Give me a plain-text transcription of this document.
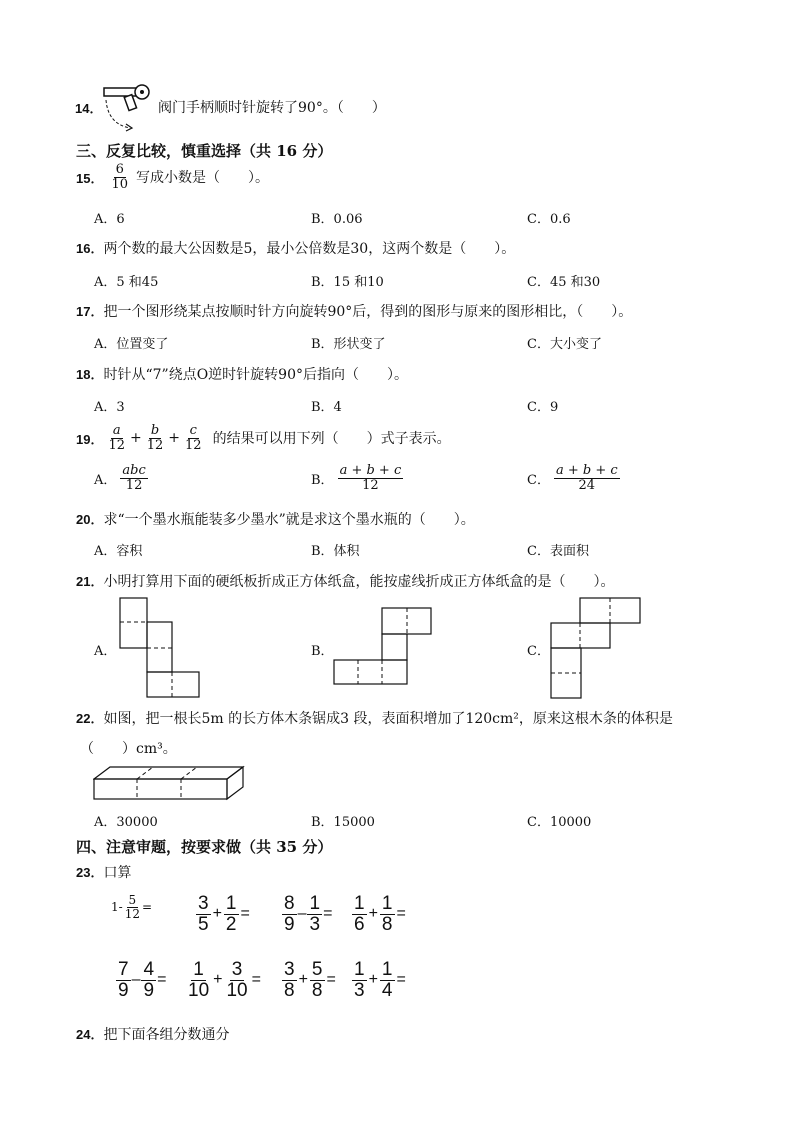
14．	阀门手柄顺时针旋转了90°。（　　）
三、反复比较，慎重选择（共 16 分）
15． $\frac{6}{10}$ 写成小数是（　　）。
A．6	B．0.06	C．0.6
16．两个数的最大公因数是5，最小公倍数是30，这两个数是（　　）。
A．5 和45	B．15 和10	C．45 和30
17．把一个图形绕某点按顺时针方向旋转90°后，得到的图形与原来的图形相比，（　　）。
A．位置变了	B．形状变了	C．大小变了
18．时针从“7”绕点O逆时针旋转90°后指向（　　）。
A．3	B．4	C．9
19． $\frac{a}{12} + \frac{b}{12} + \frac{c}{12}$ 的结果可以用下列（　　）式子表示。
A． $\frac{\text{abc}}{12}$	B． $\frac{a + b + c}{12}$	C． $\frac{a + b + c}{24}$
20．求“一个墨水瓶能装多少墨水”就是求这个墨水瓶的（　　）。
A．容积	B．体积	C．表面积
21．小明打算用下面的硬纸板折成正方体纸盒，能按虚线折成正方体纸盒的是（　　）。
A．	B．	C．
22．如图，把一根长5m 的长方体木条锯成3 段，表面积增加了120cm²，原来这根木条的体积是
（　　）cm³。
A．30000	B．15000	C．10000
四、注意审题，按要求做（共 35 分）
23．口算
$1- \frac{5}{12} = \frac{3}{5} + \frac{1}{2} = \frac{8}{9} - \frac{1}{3} = \frac{1}{6} + \frac{1}{8}$ =
$\frac{7}{9} - \frac{4}{9} = \frac{1}{10} + \frac{3}{10} = \frac{3}{8} + \frac{5}{8} = \frac{1}{3} + \frac{1}{4}$ =
24．把下面各组分数通分
